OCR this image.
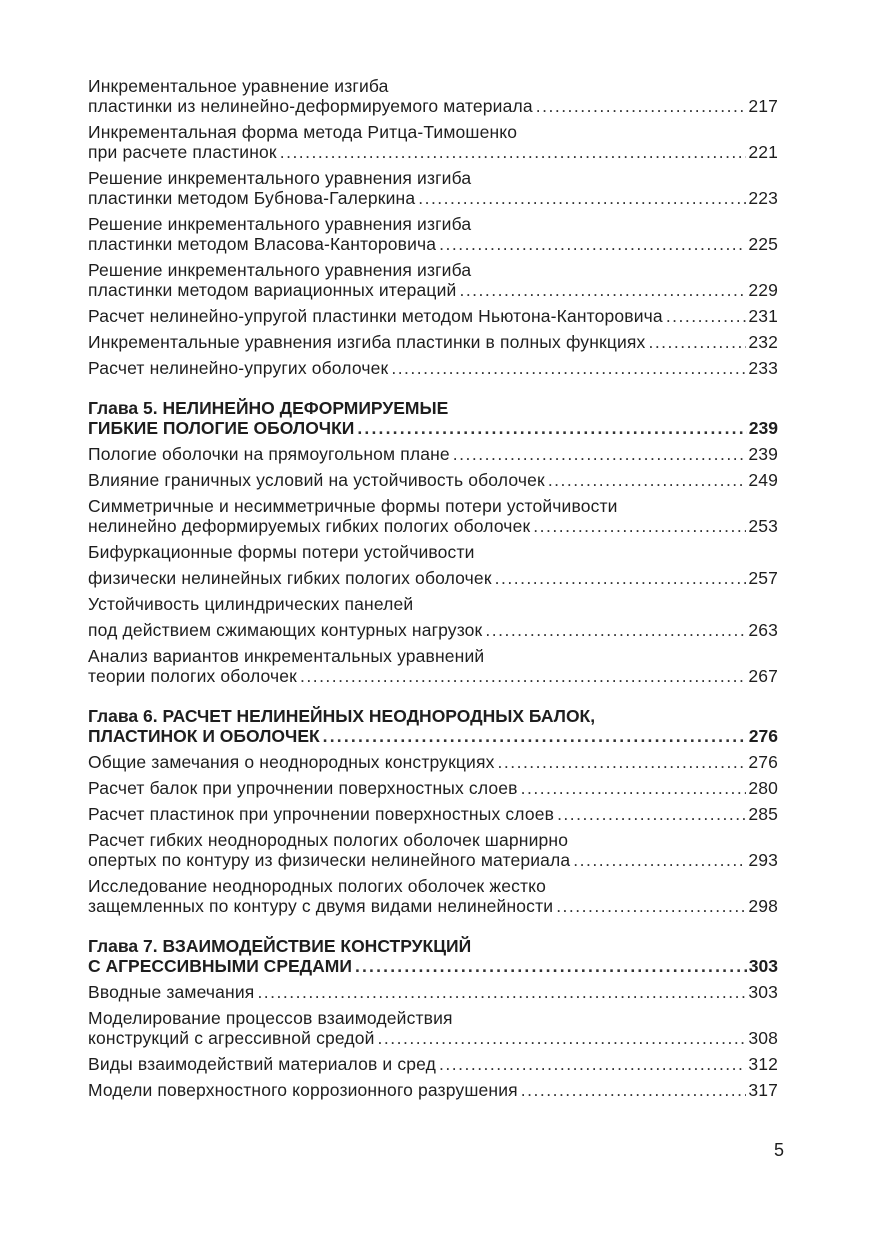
Инкрементальное уравнение изгиба
пластинки из нелинейно-деформируемого материала .....	217
Инкрементальная форма метода Ритца-Тимошенко
при расчете пластинок .....	221
Решение инкрементального уравнения изгиба
пластинки методом Бубнова-Галеркина .....	223
Решение инкрементального уравнения изгиба
пластинки методом Власова-Канторовича .....	225
Решение инкрементального уравнения изгиба
пластинки методом вариационных итераций .....	229
Расчет нелинейно-упругой пластинки методом Ньютона-Канторовича .....	231
Инкрементальные уравнения изгиба пластинки в полных функциях .....	232
Расчет нелинейно-упругих оболочек .....	233
Глава 5. НЕЛИНЕЙНО ДЕФОРМИРУЕМЫЕ
ГИБКИЕ ПОЛОГИЕ ОБОЛОЧКИ .....	239
Пологие оболочки на прямоугольном плане .....	239
Влияние граничных условий на устойчивость оболочек .....	249
Симметричные и несимметричные формы потери устойчивости
нелинейно деформируемых гибких пологих оболочек .....	253
Бифуркационные формы потери устойчивости
физически нелинейных гибких пологих оболочек .....	257
Устойчивость цилиндрических панелей
под действием сжимающих контурных нагрузок .....	263
Анализ вариантов инкрементальных уравнений
теории пологих оболочек .....	267
Глава 6. РАСЧЕТ НЕЛИНЕЙНЫХ НЕОДНОРОДНЫХ БАЛОК,
ПЛАСТИНОК И ОБОЛОЧЕК .....	276
Общие замечания о неоднородных конструкциях .....	276
Расчет балок при упрочнении поверхностных слоев .....	280
Расчет пластинок при упрочнении поверхностных слоев .....	285
Расчет гибких неоднородных пологих оболочек шарнирно
опертых по контуру из физически нелинейного материала .....	293
Исследование неоднородных пологих оболочек жестко
защемленных по контуру с двумя видами нелинейности .....	298
Глава 7. ВЗАИМОДЕЙСТВИЕ КОНСТРУКЦИЙ
С АГРЕССИВНЫМИ СРЕДАМИ .....	303
Вводные замечания .....	303
Моделирование процессов взаимодействия
конструкций с агрессивной средой .....	308
Виды взаимодействий материалов и сред .....	312
Модели поверхностного коррозионного разрушения .....	317
5
